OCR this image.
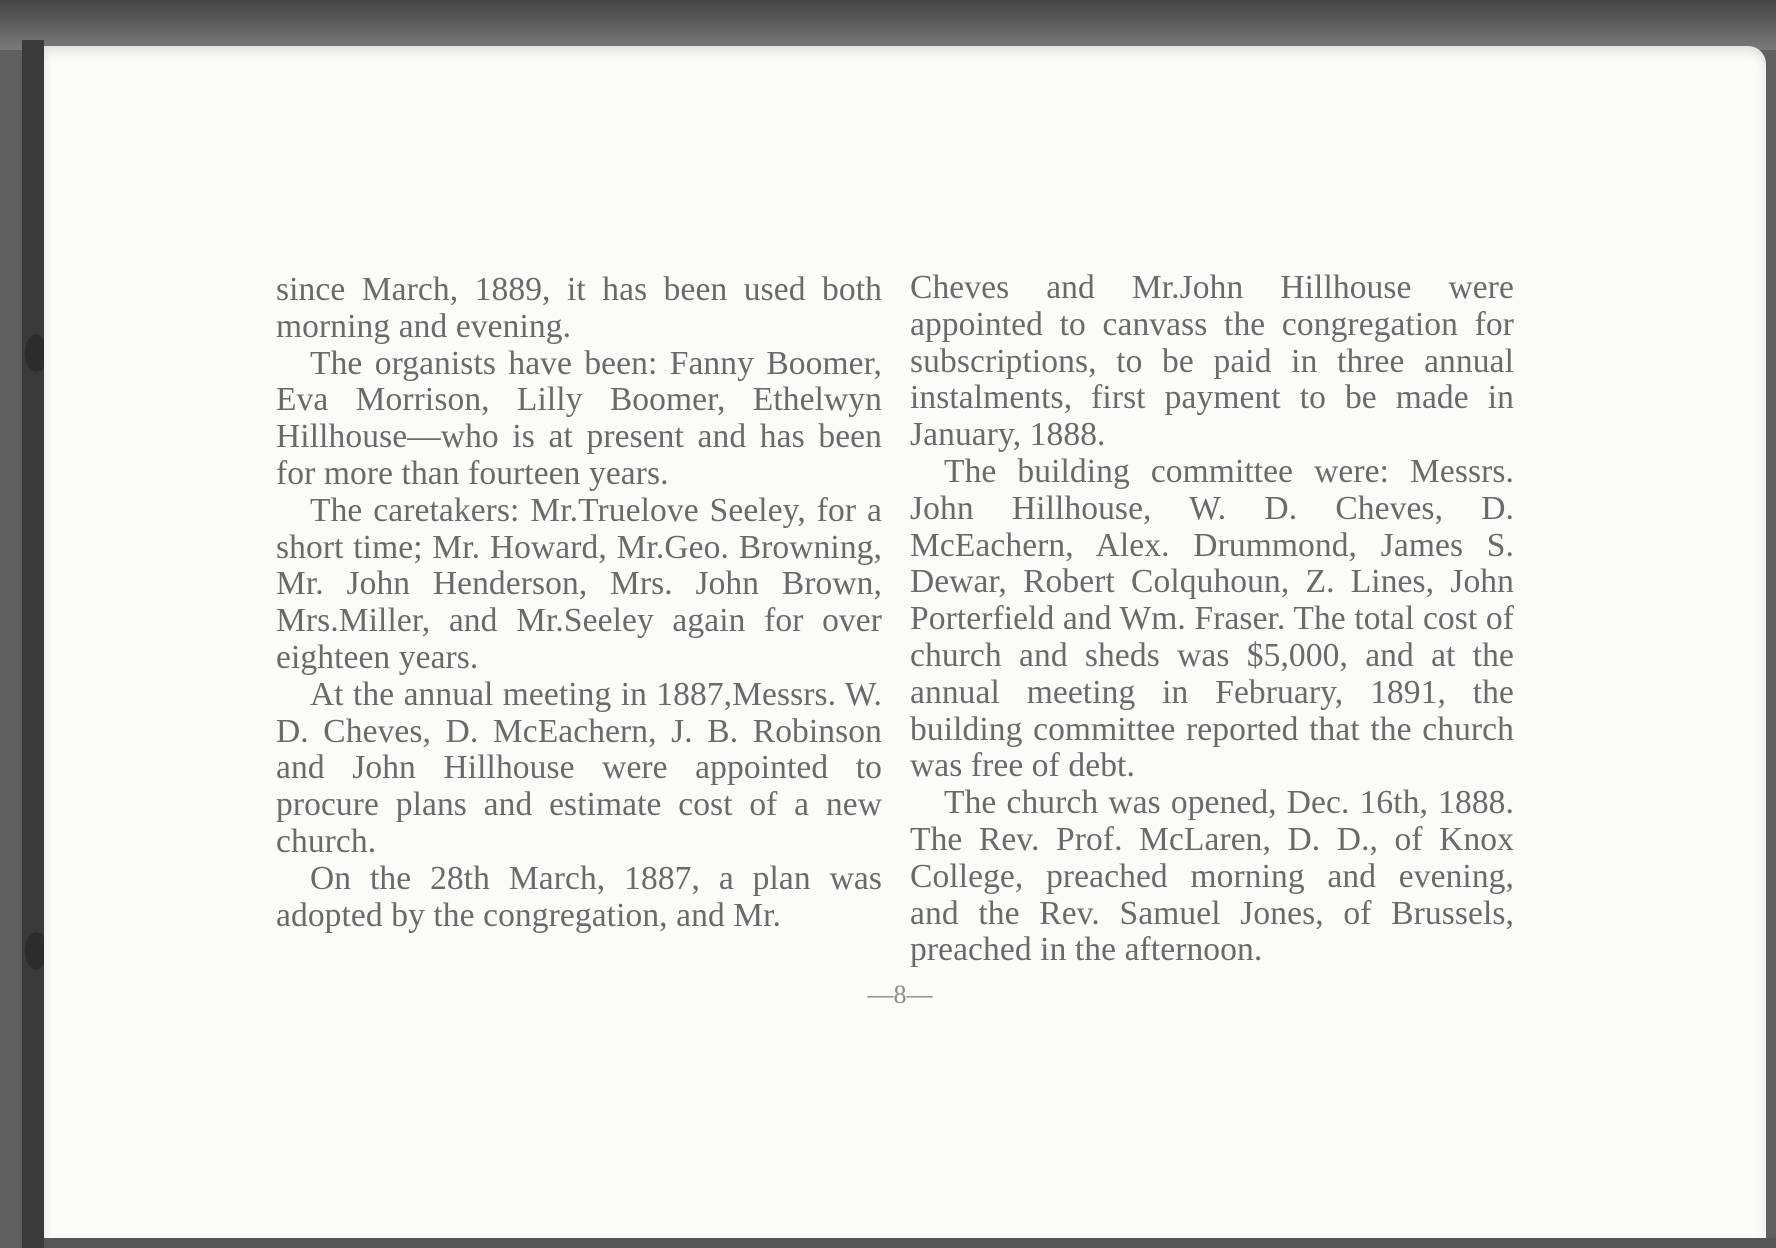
since March, 1889, it has been used both morning and evening.

The organists have been: Fanny Boomer, Eva Morrison, Lilly Boomer, Ethelwyn Hillhouse—who is at present and has been for more than fourteen years.

The caretakers: Mr.Truelove Seeley, for a short time; Mr. Howard, Mr.Geo. Browning, Mr. John Henderson, Mrs. John Brown, Mrs.Miller, and Mr.Seeley again for over eighteen years.

At the annual meeting in 1887,Messrs. W. D. Cheves, D. McEachern, J. B. Robinson and John Hillhouse were appointed to procure plans and estimate cost of a new church.

On the 28th March, 1887, a plan was adopted by the congregation, and Mr.

Cheves and Mr.John Hillhouse were appointed to canvass the congregation for subscriptions, to be paid in three annual instalments, first payment to be made in January, 1888.

The building committee were: Messrs. John Hillhouse, W. D. Cheves, D. McEachern, Alex. Drummond, James S. Dewar, Robert Colquhoun, Z. Lines, John Porterfield and Wm. Fraser. The total cost of church and sheds was $5,000, and at the annual meeting in February, 1891, the building committee reported that the church was free of debt.

The church was opened, Dec. 16th, 1888. The Rev. Prof. McLaren, D. D., of Knox College, preached morning and evening, and the Rev. Samuel Jones, of Brussels, preached in the afternoon.

—8—
